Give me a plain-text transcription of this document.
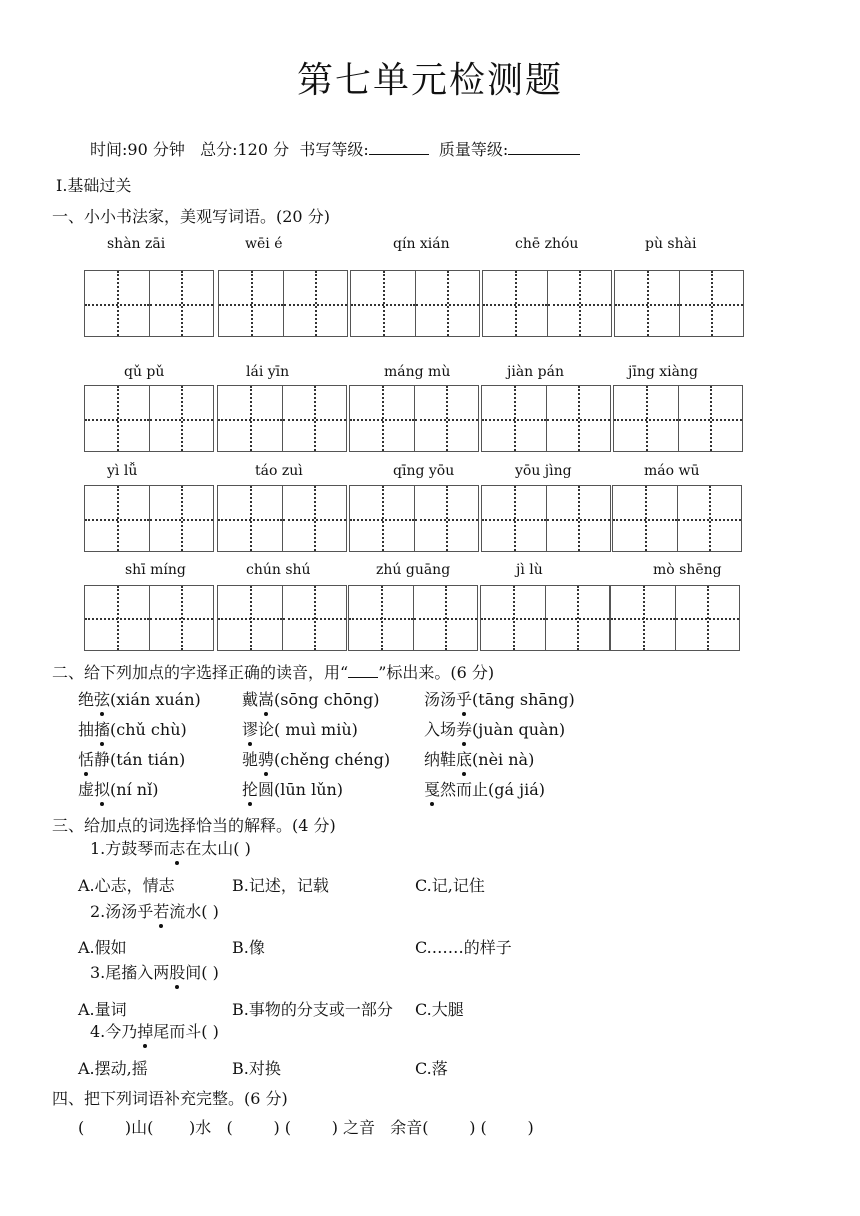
第七单元检测题
时间:90 分钟 总分:120 分 书写等级:	质量等级:
Ⅰ.基础过关
一、小小书法家，美观写词语。(20 分)
shàn zāi	wēi é	qín xián	chē zhóu	pù shài
qǔ pǔ	lái yīn	máng mù	jiàn pán	jīng xiàng
yì lǚ	táo zuì	qīng yōu	yōu jìng	máo wū
shī míng	chún shú	zhú guāng	jì lù	mò shēng
二、给下列加点的字选择正确的读音，用“ ”标出来。(6 分)
绝弦(xián xuán)	戴嵩(sōng chōng)	汤汤乎(tāng shāng)
抽搐(chǔ chù)	谬论( muì miù)	入场券(juàn quàn)
恬静(tán tián)	驰骋(chěng chéng) 纳鞋底(nèi nà)
虚拟(ní nǐ)	抡圆(lūn lǔn)	戛然而止(gá jiá)
三、给加点的词选择恰当的解释。(4 分)
1.方鼓琴而志在太山( )
A.心志，情志	B.记述，记载	C.记,记住
2.汤汤乎若流水( )
A.假如	B.像	C.……的样子
3.尾搐入两股间( )
A.量词	B.事物的分支或一部分 C.大腿
4.今乃掉尾而斗( )
A.摆动,摇	B.对换	C.落
四、把下列词语补充完整。(6 分)
(        )山(       )水   (        ) (        ) 之音   余音(        ) (        )
